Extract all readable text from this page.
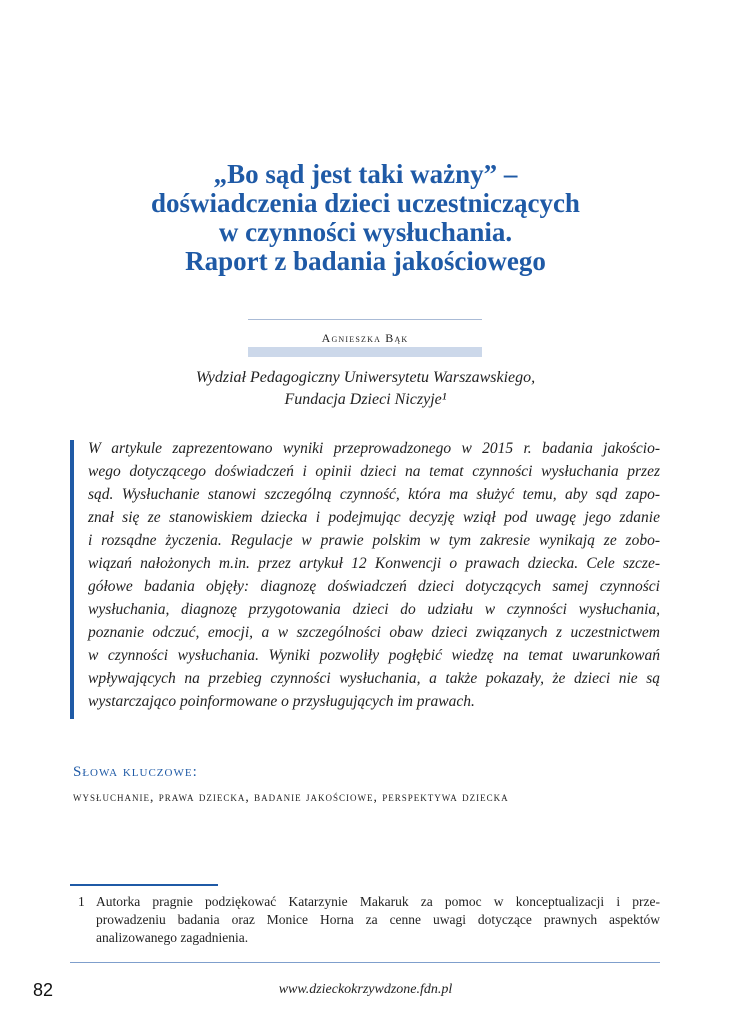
„Bo sąd jest taki ważny” –
doświadczenia dzieci uczestniczących
w czynności wysłuchania.
Raport z badania jakościowego
Agnieszka Bąk
Wydział Pedagogiczny Uniwersytetu Warszawskiego,
Fundacja Dzieci Niczyje¹
W artykule zaprezentowano wyniki przeprowadzonego w 2015 r. badania jakościo-
wego dotyczącego doświadczeń i opinii dzieci na temat czynności wysłuchania przez
sąd. Wysłuchanie stanowi szczególną czynność, która ma służyć temu, aby sąd zapo-
znał się ze stanowiskiem dziecka i podejmując decyzję wziął pod uwagę jego zdanie
i rozsądne życzenia. Regulacje w prawie polskim w tym zakresie wynikają ze zobo-
wiązań nałożonych m.in. przez artykuł 12 Konwencji o prawach dziecka. Cele szcze-
gółowe badania objęły: diagnozę doświadczeń dzieci dotyczących samej czynności
wysłuchania, diagnozę przygotowania dzieci do udziału w czynności wysłuchania,
poznanie odczuć, emocji, a w szczególności obaw dzieci związanych z uczestnictwem
w czynności wysłuchania. Wyniki pozwoliły pogłębić wiedzę na temat uwarunkowań
wpływających na przebieg czynności wysłuchania, a także pokazały, że dzieci nie są
wystarczająco poinformowane o przysługujących im prawach.
Słowa kluczowe:
wysłuchanie, prawa dziecka, badanie jakościowe, perspektywa dziecka
1 Autorka pragnie podziękować Katarzynie Makaruk za pomoc w konceptualizacji i prze-
prowadzeniu badania oraz Monice Horna za cenne uwagi dotyczące prawnych aspektów
analizowanego zagadnienia.
82	www.dzieckokrzywdzone.fdn.pl
